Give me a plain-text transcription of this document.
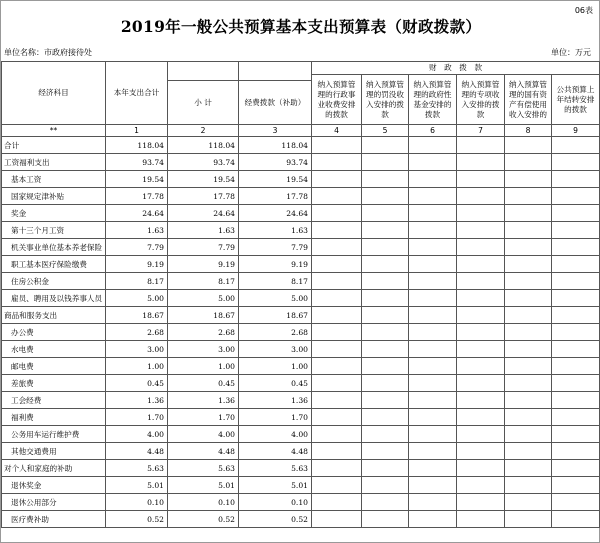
06表
2019年一般公共预算基本支出预算表（财政拨款）
单位名称：市政府接待处	单位：万元
经济科目	本年支出合计			财　政　拨　款					
				纳入预算管理的行政事业收费安排的拨款	纳入预算管理的罚没收入安排的拨款	纳入预算管理的政府性基金安排的拨款	纳入预算管理的专项收入安排的拨款	纳入预算管理的国有资产有偿使用收入安排的	公共预算上年结转安排的拨款
		小 计	经费拨款（补助）						
**	1	2	3	4	5	6	7	8	9
合计	118.04	118.04	118.04						
工资福利支出	93.74	93.74	93.74						
基本工资	19.54	19.54	19.54						
国家规定津补贴	17.78	17.78	17.78						
奖金	24.64	24.64	24.64						
第十三个月工资	1.63	1.63	1.63						
机关事业单位基本养老保险	7.79	7.79	7.79						
职工基本医疗保险缴费	9.19	9.19	9.19						
住房公积金	8.17	8.17	8.17						
雇员、聘用及以钱养事人员	5.00	5.00	5.00						
商品和服务支出	18.67	18.67	18.67						
办公费	2.68	2.68	2.68						
水电费	3.00	3.00	3.00						
邮电费	1.00	1.00	1.00						
差旅费	0.45	0.45	0.45						
工会经费	1.36	1.36	1.36						
福利费	1.70	1.70	1.70						
公务用车运行维护费	4.00	4.00	4.00						
其他交通费用	4.48	4.48	4.48						
对个人和家庭的补助	5.63	5.63	5.63						
退休奖金	5.01	5.01	5.01						
退休公用部分	0.10	0.10	0.10						
医疗费补助	0.52	0.52	0.52						
